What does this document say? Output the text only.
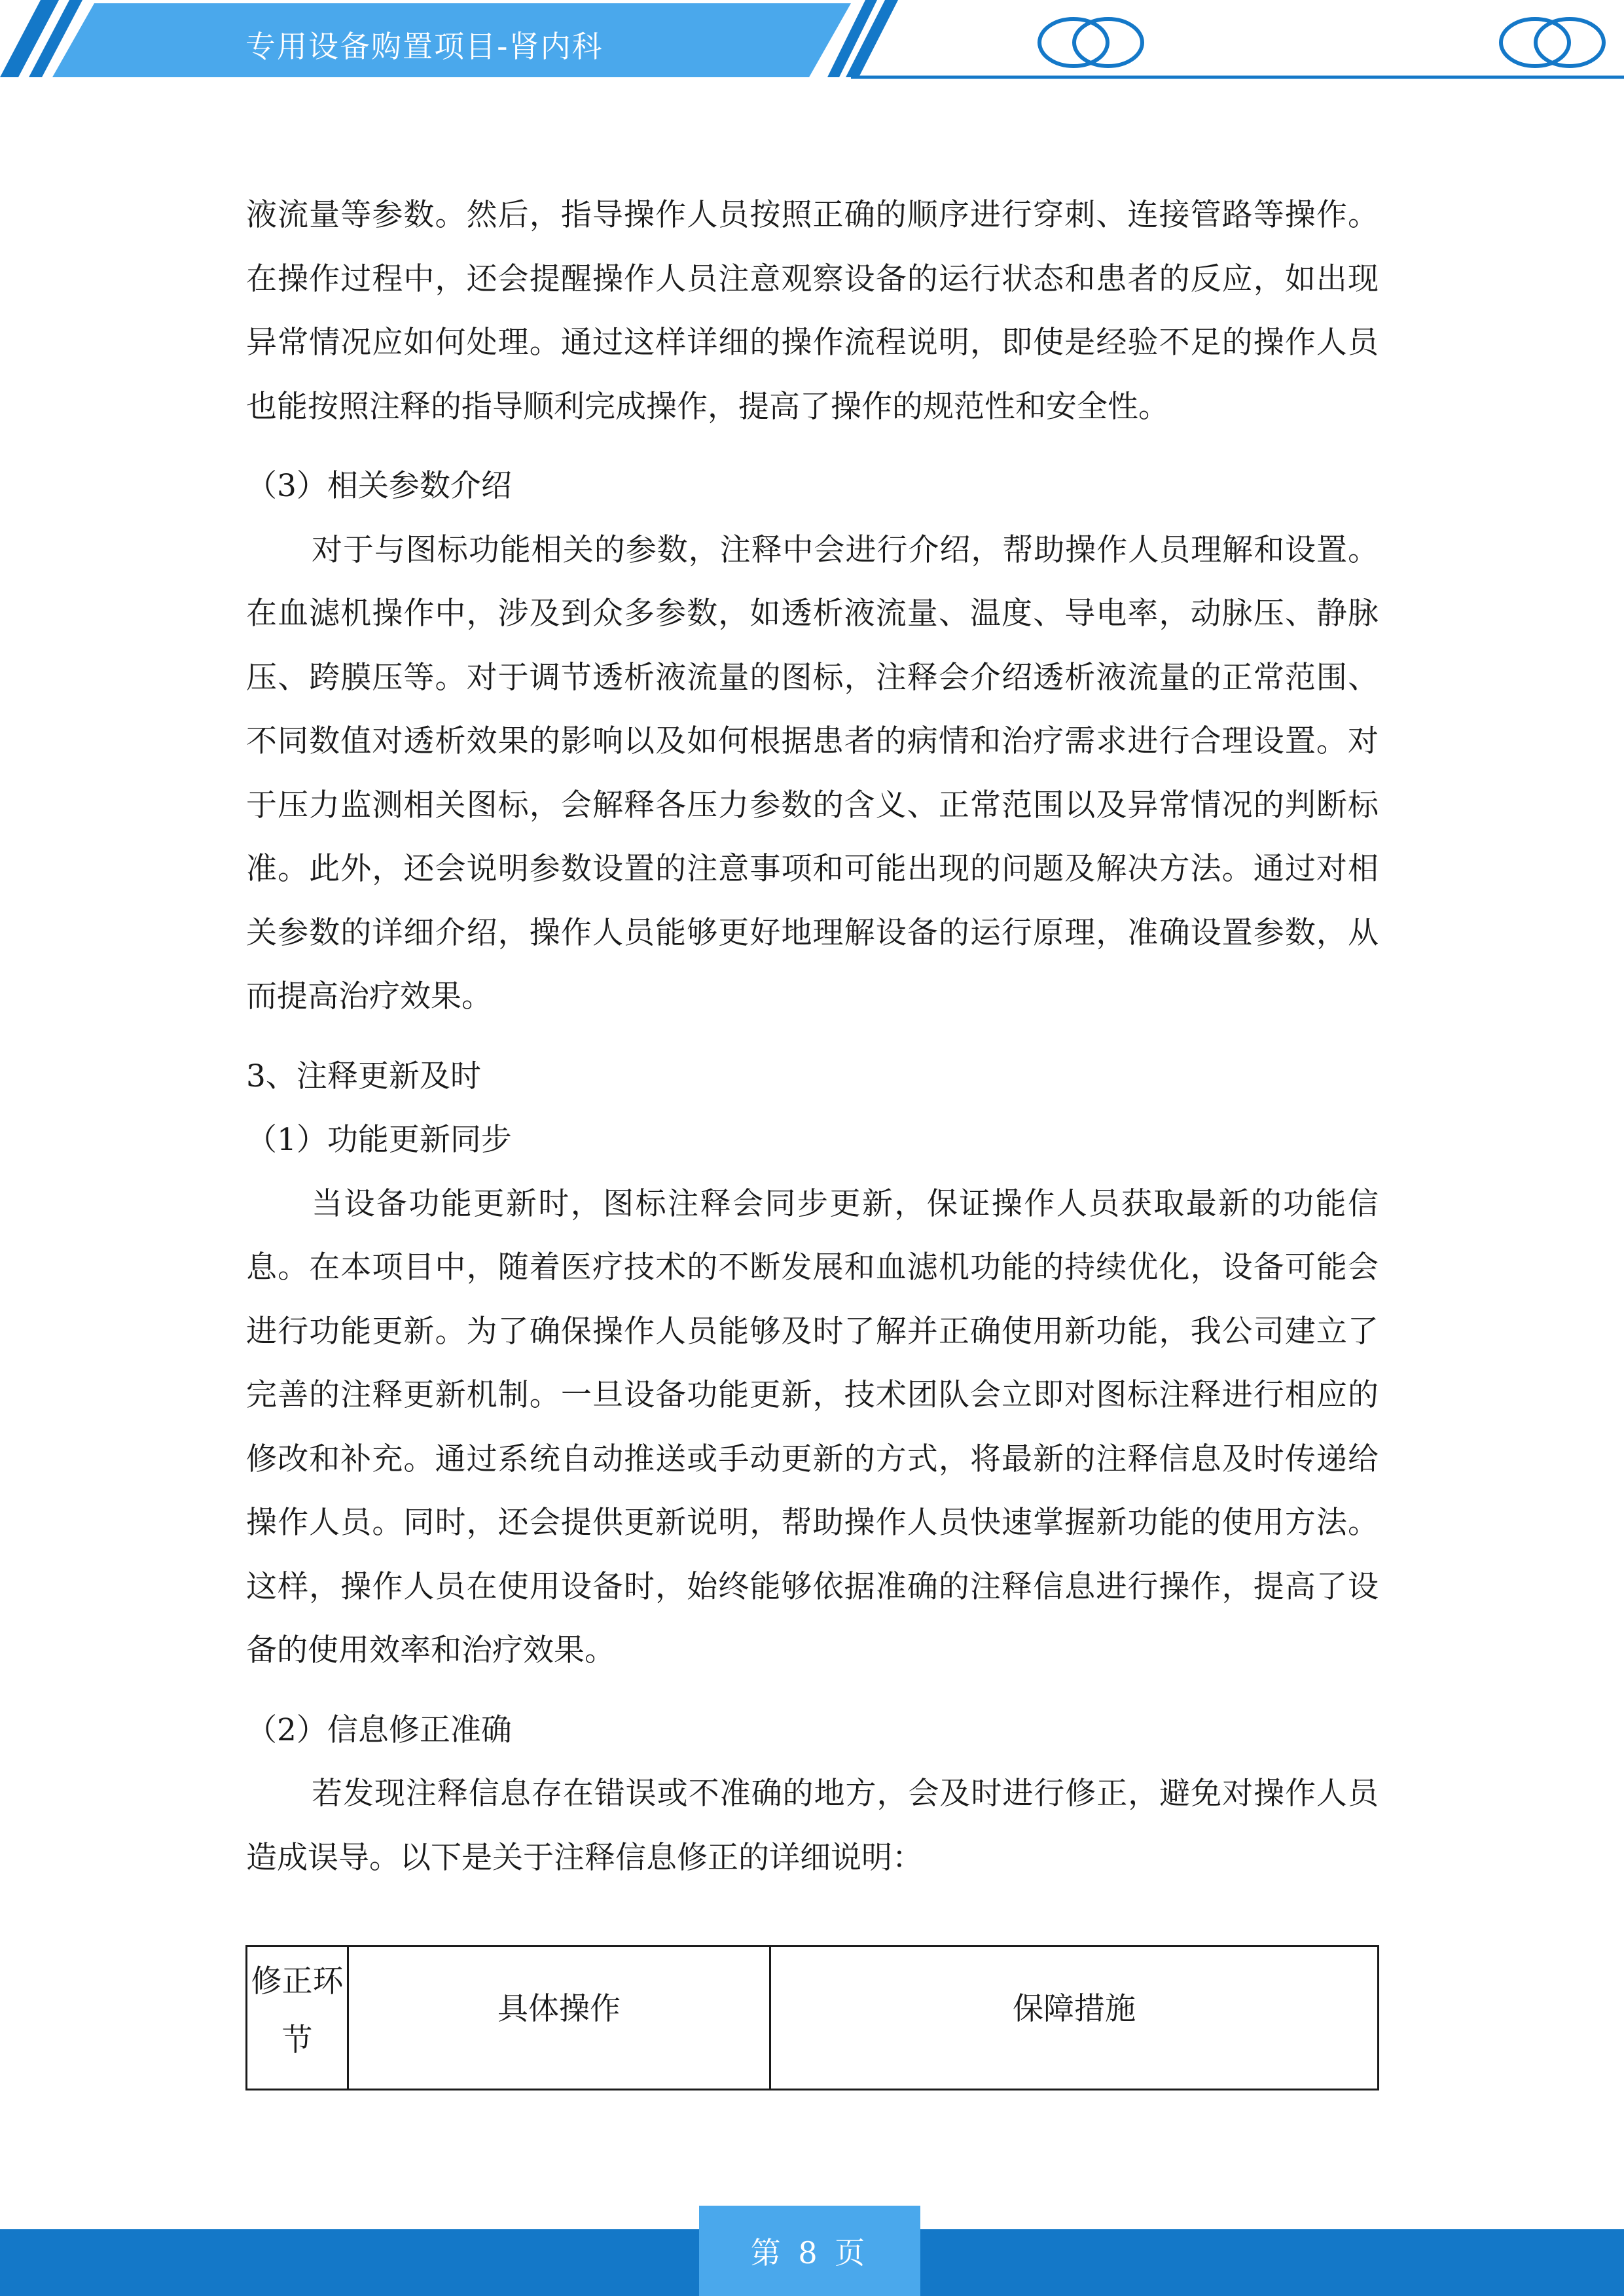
专用设备购置项目-肾内科

液流量等参数。然后，指导操作人员按照正确的顺序进行穿刺、连接管路等操作。在操作过程中，还会提醒操作人员注意观察设备的运行状态和患者的反应，如出现异常情况应如何处理。通过这样详细的操作流程说明，即使是经验不足的操作人员也能按照注释的指导顺利完成操作，提高了操作的规范性和安全性。

（3）相关参数介绍

对于与图标功能相关的参数，注释中会进行介绍，帮助操作人员理解和设置。在血滤机操作中，涉及到众多参数，如透析液流量、温度、导电率，动脉压、静脉压、跨膜压等。对于调节透析液流量的图标，注释会介绍透析液流量的正常范围、不同数值对透析效果的影响以及如何根据患者的病情和治疗需求进行合理设置。对于压力监测相关图标，会解释各压力参数的含义、正常范围以及异常情况的判断标准。此外，还会说明参数设置的注意事项和可能出现的问题及解决方法。通过对相关参数的详细介绍，操作人员能够更好地理解设备的运行原理，准确设置参数，从而提高治疗效果。

3、注释更新及时

（1）功能更新同步

当设备功能更新时，图标注释会同步更新，保证操作人员获取最新的功能信息。在本项目中，随着医疗技术的不断发展和血滤机功能的持续优化，设备可能会进行功能更新。为了确保操作人员能够及时了解并正确使用新功能，我公司建立了完善的注释更新机制。一旦设备功能更新，技术团队会立即对图标注释进行相应的修改和补充。通过系统自动推送或手动更新的方式，将最新的注释信息及时传递给操作人员。同时，还会提供更新说明，帮助操作人员快速掌握新功能的使用方法。这样，操作人员在使用设备时，始终能够依据准确的注释信息进行操作，提高了设备的使用效率和治疗效果。

（2）信息修正准确

若发现注释信息存在错误或不准确的地方，会及时进行修正，避免对操作人员造成误导。以下是关于注释信息修正的详细说明：

修正环节
具体操作	保障措施
第 8 页
